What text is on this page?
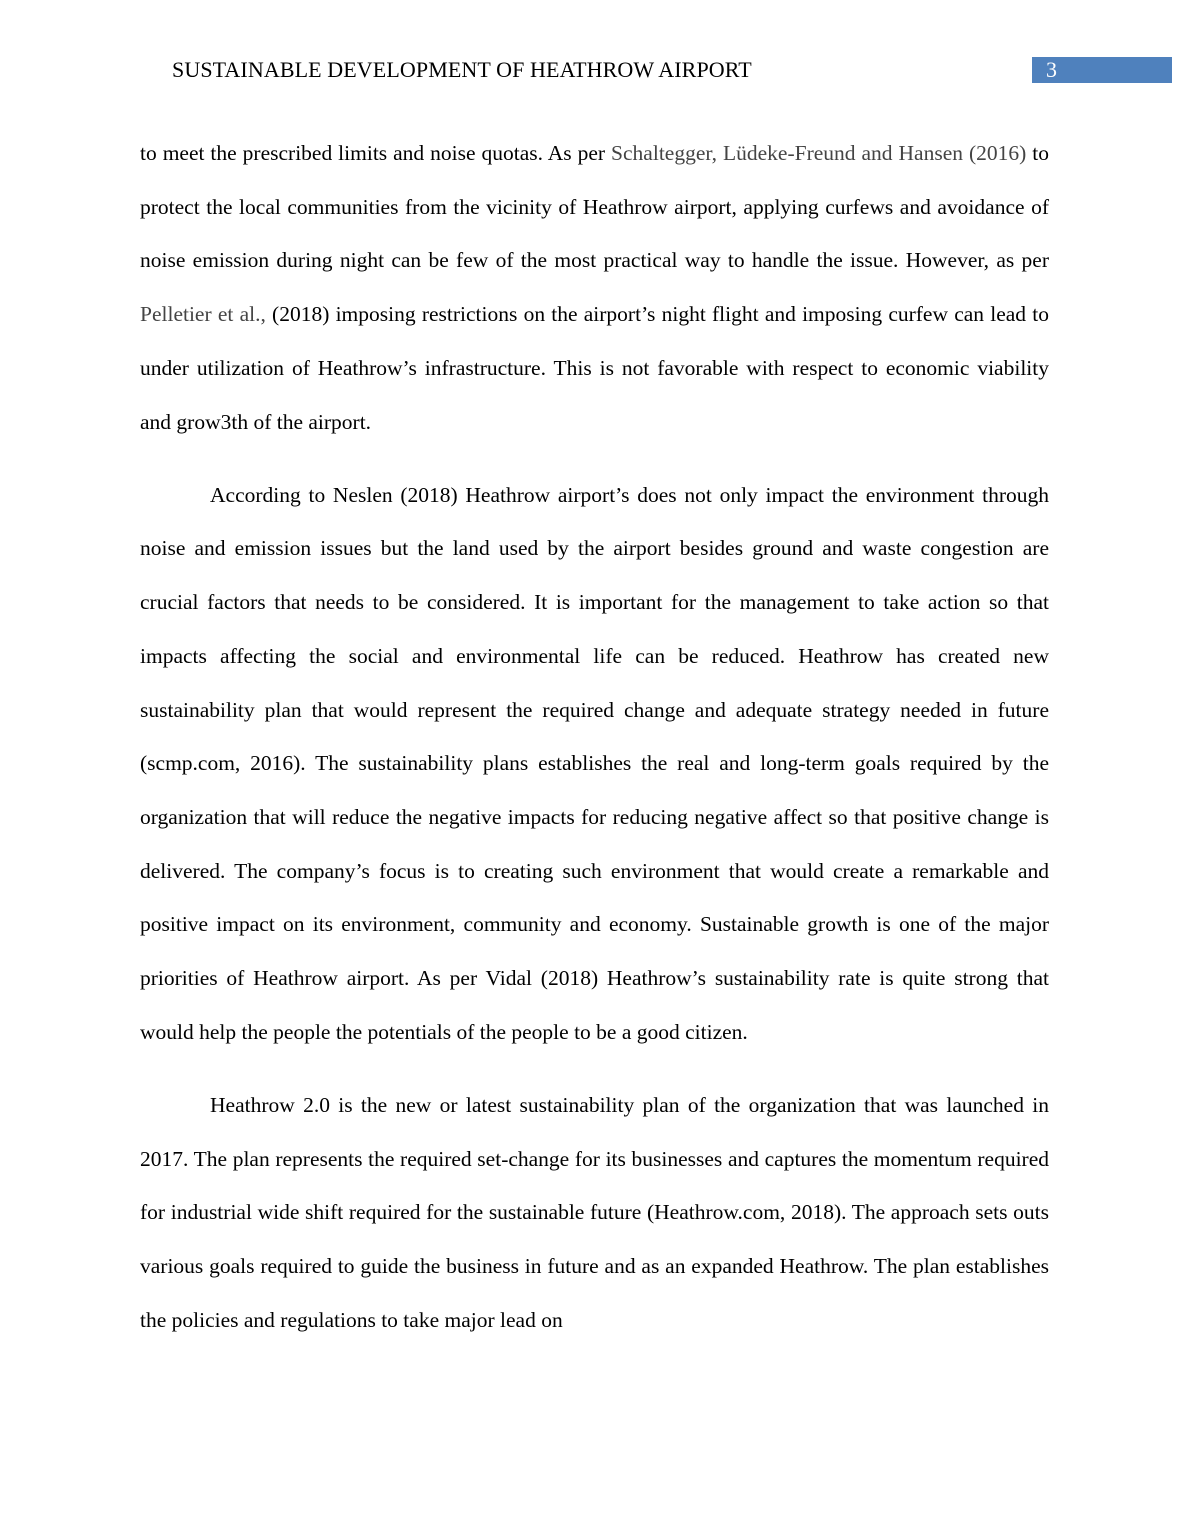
SUSTAINABLE DEVELOPMENT OF HEATHROW AIRPORT	3

to meet the prescribed limits and noise quotas. As per Schaltegger, Lüdeke-Freund and Hansen (2016) to protect the local communities from the vicinity of Heathrow airport, applying curfews and avoidance of noise emission during night can be few of the most practical way to handle the issue. However, as per Pelletier et al., (2018) imposing restrictions on the airport’s night flight and imposing curfew can lead to under utilization of Heathrow’s infrastructure. This is not favorable with respect to economic viability and grow3th of the airport.

According to Neslen (2018) Heathrow airport’s does not only impact the environment through noise and emission issues but the land used by the airport besides ground and waste congestion are crucial factors that needs to be considered. It is important for the management to take action so that impacts affecting the social and environmental life can be reduced. Heathrow has created new sustainability plan that would represent the required change and adequate strategy needed in future (scmp.com, 2016). The sustainability plans establishes the real and long-term goals required by the organization that will reduce the negative impacts for reducing negative affect so that positive change is delivered. The company’s focus is to creating such environment that would create a remarkable and positive impact on its environment, community and economy. Sustainable growth is one of the major priorities of Heathrow airport. As per Vidal (2018) Heathrow’s sustainability rate is quite strong that would help the people the potentials of the people to be a good citizen.

Heathrow 2.0 is the new or latest sustainability plan of the organization that was launched in 2017. The plan represents the required set-change for its businesses and captures the momentum required for industrial wide shift required for the sustainable future (Heathrow.com, 2018). The approach sets outs various goals required to guide the business in future and as an expanded Heathrow. The plan establishes the policies and regulations to take major lead on
